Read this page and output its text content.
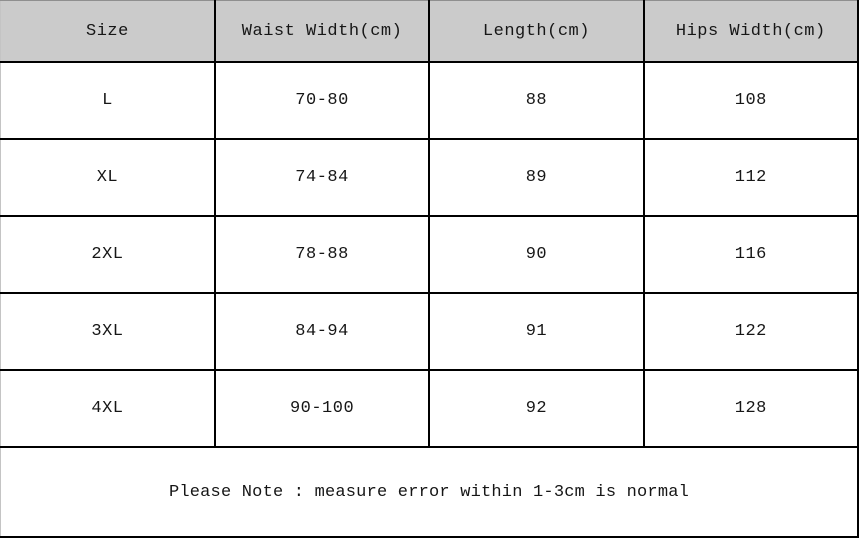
Size	Waist Width(cm)	Length(cm)	Hips Width(cm)
L	70-80	88	108
XL	74-84	89	112
2XL	78-88	90	116
3XL	84-94	91	122
4XL	90-100	92	128
Please Note : measure error within 1-3cm is normal			
